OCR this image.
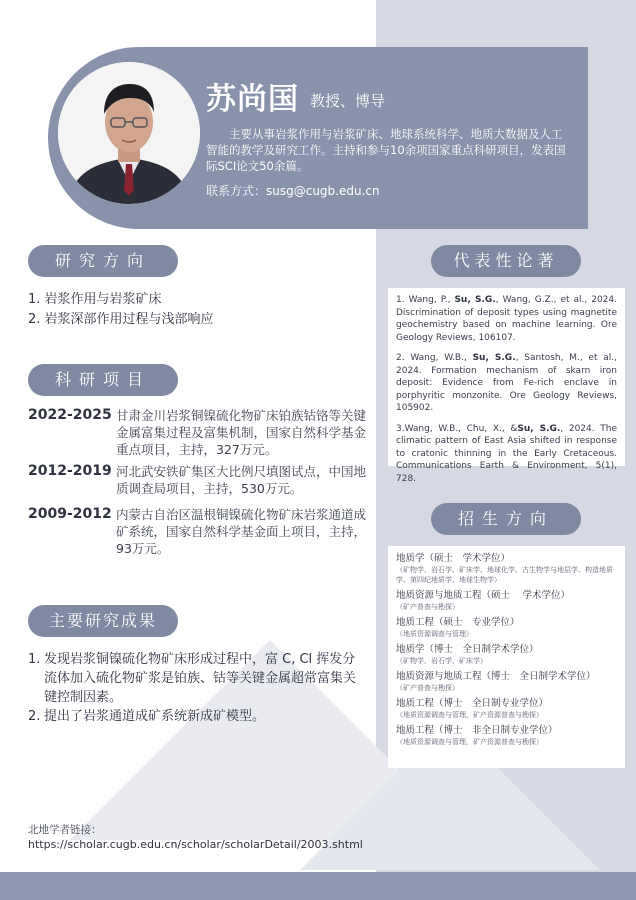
苏尚国 教授、博导
主要从事岩浆作用与岩浆矿床、地球系统科学、地质大数据及人工智能的教学及研究工作。主持和参与10余项国家重点科研项目，发表国际SCI论文50余篇。
联系方式：susg@cugb.edu.cn
研究方向
1. 岩浆作用与岩浆矿床
2. 岩浆深部作用过程与浅部响应
科研项目
2022-2025 甘肃金川岩浆铜镍硫化物矿床铂族钴铬等关键金属富集过程及富集机制，国家自然科学基金重点项目，主持，327万元。
2012-2019 河北武安铁矿集区大比例尺填图试点，中国地质调查局项目，主持，530万元。
2009-2012 内蒙古自治区温根铜镍硫化物矿床岩浆通道成矿系统，国家自然科学基金面上项目，主持，93万元。
主要研究成果
1. 发现岩浆铜镍硫化物矿床形成过程中，富 C, Cl 挥发分流体加入硫化物矿浆是铂族、钴等关键金属超常富集关键控制因素。
2. 提出了岩浆通道成矿系统新成矿模型。
代表性论著
1. Wang, P., Su, S.G., Wang, G.Z., et al., 2024. Discrimination of deposit types using magnetite geochemistry based on machine learning. Ore Geology Reviews, 106107.
2. Wang, W.B., Su, S.G., Santosh, M., et al., 2024. Formation mechanism of skarn iron deposit: Evidence from Fe-rich enclave in porphyritic monzonite. Ore Geology Reviews, 105902.
3.Wang, W.B., Chu, X., &Su, S.G., 2024. The climatic pattern of East Asia shifted in response to cratonic thinning in the Early Cretaceous. Communications Earth & Environment, 5(1), 728.
招生方向
地质学（硕士　学术学位）
（矿物学、岩石学、矿床学、地球化学、古生物学与地层学、构造地质学、第四纪地质学、地球生物学）
地质资源与地质工程（硕士　 学术学位）
（矿产普查与勘探）
地质工程（硕士　专业学位）
（地质资源调查与管理）
地质学（博士　全日制学术学位）
（矿物学、岩石学、矿床学）
地质资源与地质工程（博士　全日制学术学位）
（矿产普查与勘探）
地质工程（博士　全日制专业学位）
（地质资源调查与管理，矿产资源普查与勘探）
地质工程（博士　非全日制专业学位）
（地质资源调查与管理，矿产资源普查与勘探）
北地学者链接：
https://scholar.cugb.edu.cn/scholar/scholarDetail/2003.shtml
